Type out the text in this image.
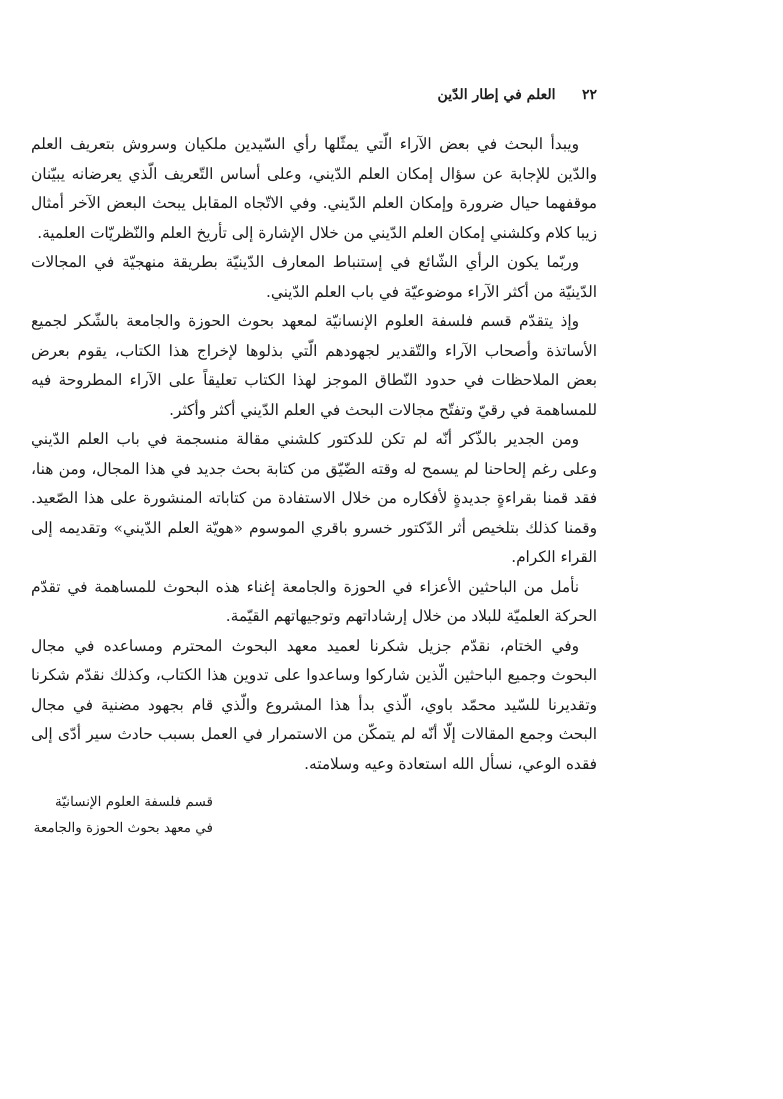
٢٢ العلم في إطار الدّين

ويبدأ البحث في بعض الآراء الّتي يمثّلها رأي السّيدين ملكيان وسروش بتعريف العلم والدّين للإجابة عن سؤال إمكان العلم الدّيني، وعلى أساس التّعريف الّذي يعرضانه يبيّنان موقفهما حيال ضرورة وإمكان العلم الدّيني. وفي الاتّجاه المقابل يبحث البعض الآخر أمثال زيبا كلام وكلشني إمكان العلم الدّيني من خلال الإشارة إلى تأريخ العلم والنّظريّات العلمية.

وربّما يكون الرأي الشّائع في إستنباط المعارف الدّينيّة بطريقة منهجيّة في المجالات الدّينيّة من أكثر الآراء موضوعيّة في باب العلم الدّيني.

وإذ يتقدّم قسم فلسفة العلوم الإنسانيّة لمعهد بحوث الحوزة والجامعة بالشّكر لجميع الأساتذة وأصحاب الآراء والتّقدير لجهودهم الّتي بذلوها لإخراج هذا الكتاب، يقوم بعرض بعض الملاحظات في حدود النّطاق الموجز لهذا الكتاب تعليقاً على الآراء المطروحة فيه للمساهمة في رقيّ وتفتّح مجالات البحث في العلم الدّيني أكثر وأكثر.

ومن الجدير بالذّكر أنّه لم تكن للدكتور كلشني مقالة منسجمة في باب العلم الدّيني وعلى رغم إلحاحنا لم يسمح له وقته الضّيّق من كتابة بحث جديد في هذا المجال، ومن هنا، فقد قمنا بقراءةٍ جديدةٍ لأفكاره من خلال الاستفادة من كتاباته المنشورة على هذا الصّعيد. وقمنا كذلك بتلخيص أثر الدّكتور خسرو باقري الموسوم «هويّة العلم الدّيني» وتقديمه إلى القراء الكرام.

نأمل من الباحثين الأعزاء في الحوزة والجامعة إغناء هذه البحوث للمساهمة في تقدّم الحركة العلميّة للبلاد من خلال إرشاداتهم وتوجيهاتهم القيّمة.

وفي الختام، نقدّم جزيل شكرنا لعميد معهد البحوث المحترم ومساعده في مجال البحوث وجميع الباحثين الّذين شاركوا وساعدوا على تدوين هذا الكتاب، وكذلك نقدّم شكرنا وتقديرنا للسّيد محمّد باوي، الّذي بدأ هذا المشروع والّذي قام بجهود مضنية في مجال البحث وجمع المقالات إلّا أنّه لم يتمكّن من الاستمرار في العمل بسبب حادث سير أدّى إلى فقده الوعي، نسأل الله استعادة وعيه وسلامته.

قسم فلسفة العلوم الإنسانيّة
في معهد بحوث الحوزة والجامعة
